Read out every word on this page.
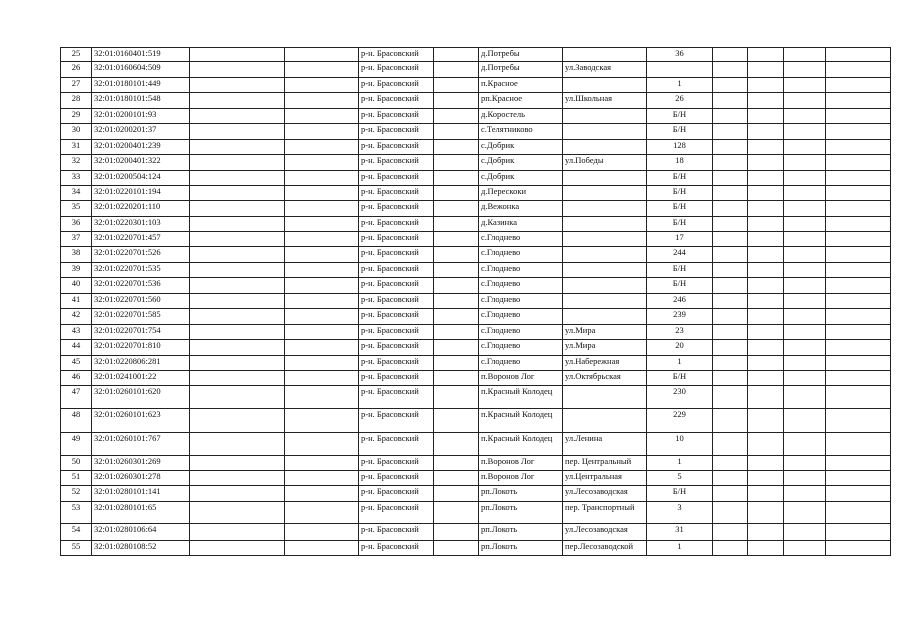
25	32:01:0160401:519			р-н. Брасовский		д.Потребы		36				
26	32:01:0160604:509			р-н. Брасовский		д.Потребы	ул.Заводская					
27	32:01:0180101:449			р-н. Брасовский		п.Красное		1				
28	32:01:0180101:548			р-н. Брасовский		рп.Красное	ул.Школьная	26				
29	32:01:0200101:93			р-н. Брасовский		д.Коростель		Б/Н				
30	32:01:0200201:37			р-н. Брасовский		с.Телятниково		Б/Н				
31	32:01:0200401:239			р-н. Брасовский		с.Добрик		128				
32	32:01:0200401:322			р-н. Брасовский		с.Добрик	ул.Победы	18				
33	32:01:0200504:124			р-н. Брасовский		с.Добрик		Б/Н				
34	32:01:0220101:194			р-н. Брасовский		д.Перескоки		Б/Н				
35	32:01:0220201:110			р-н. Брасовский		д.Вежонка		Б/Н				
36	32:01:0220301:103			р-н. Брасовский		д.Казинка		Б/Н				
37	32:01:0220701:457			р-н. Брасовский		с.Глоднево		17				
38	32:01:0220701:526			р-н. Брасовский		с.Глоднево		244				
39	32:01:0220701:535			р-н. Брасовский		с.Глоднево		Б/Н				
40	32:01:0220701:536			р-н. Брасовский		с.Глоднево		Б/Н				
41	32:01:0220701:560			р-н. Брасовский		с.Глоднево		246				
42	32:01:0220701:585			р-н. Брасовский		с.Глоднево		239				
43	32:01:0220701:754			р-н. Брасовский		с.Глоднево	ул.Мира	23				
44	32:01:0220701:810			р-н. Брасовский		с.Глоднево	ул.Мира	20				
45	32:01:0220806:281			р-н. Брасовский		с.Глоднево	ул.Набережная	1				
46	32:01:0241001:22			р-н. Брасовский		п.Воронов Лог	ул.Октябрьская	Б/Н				
47	32:01:0260101:620			р-н. Брасовский		п.Красный Колодец		230				
48	32:01:0260101:623			р-н. Брасовский		п.Красный Колодец		229				
49	32:01:0260101:767			р-н. Брасовский		п.Красный Колодец	ул.Ленина	10				
50	32:01:0260301:269			р-н. Брасовский		п.Воронов Лог	пер. Центральный	1				
51	32:01:0260301:278			р-н. Брасовский		п.Воронов Лог	ул.Центральная	5				
52	32:01:0280101:141			р-н. Брасовский		рп.Локоть	ул.Лесозаводская	Б/Н				
53	32:01:0280101:65			р-н. Брасовский		рп.Локоть	пер. Транспортный	3				
54	32:01:0280106:64			р-н. Брасовский		рп.Локоть	ул.Лесозаводская	31				
55	32:01:0280108:52			р-н. Брасовский		рп.Локоть	пер.Лесозаводской	1				
